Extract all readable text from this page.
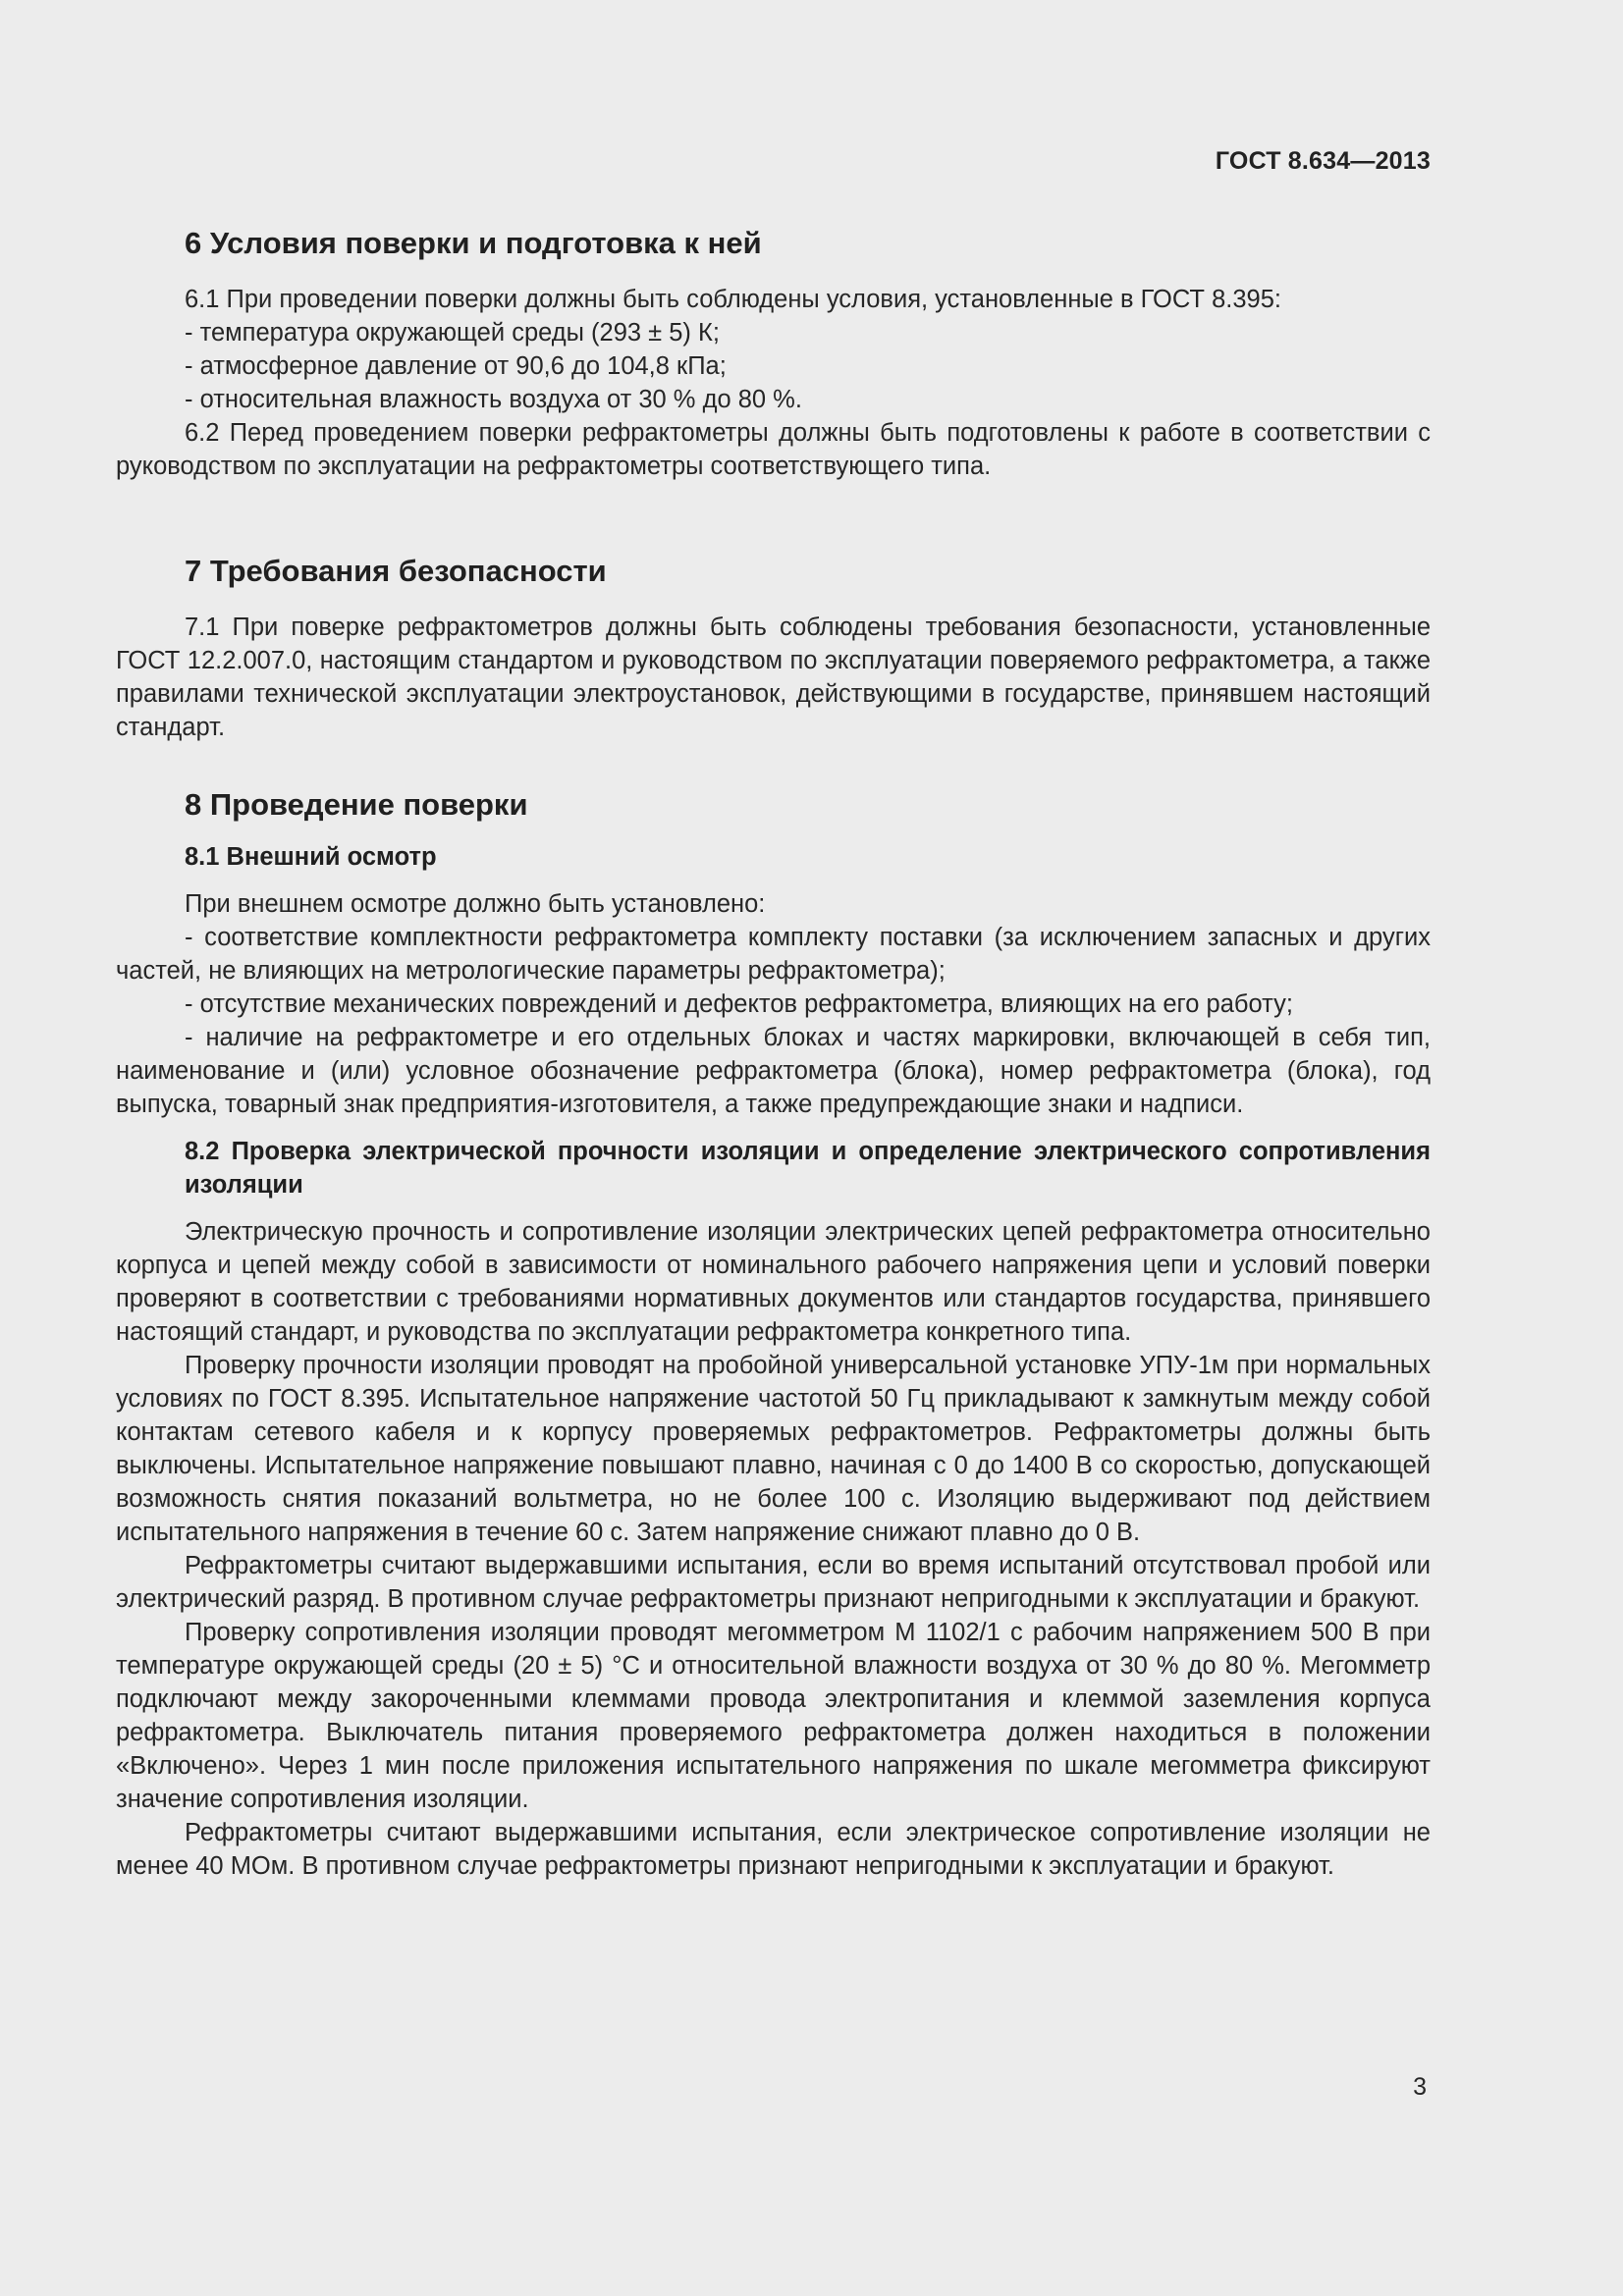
ГОСТ 8.634—2013
6 Условия поверки и подготовка к ней

6.1 При проведении поверки должны быть соблюдены условия, установленные в ГОСТ 8.395:

- температура окружающей среды (293 ± 5) К;

- атмосферное давление от 90,6 до 104,8 кПа;

- относительная влажность воздуха от 30 % до 80 %.

6.2 Перед проведением поверки рефрактометры должны быть подготовлены к работе в соответствии с руководством по эксплуатации на рефрактометры соответствующего типа.

7 Требования безопасности

7.1 При поверке рефрактометров должны быть соблюдены требования безопасности, установленные ГОСТ 12.2.007.0, настоящим стандартом и руководством по эксплуатации поверяемого рефрактометра, а также правилами технической эксплуатации электроустановок, действующими в государстве, принявшем настоящий стандарт.

8 Проведение поверки
8.1 Внешний осмотр

При внешнем осмотре должно быть установлено:

- соответствие комплектности рефрактометра комплекту поставки (за исключением запасных и других частей, не влияющих на метрологические параметры рефрактометра);

- отсутствие механических повреждений и дефектов рефрактометра, влияющих на его работу;

- наличие на рефрактометре и его отдельных блоках и частях маркировки, включающей в себя тип, наименование и (или) условное обозначение рефрактометра (блока), номер рефрактометра (блока), год выпуска, товарный знак предприятия-изготовителя, а также предупреждающие знаки и надписи.

8.2 Проверка электрической прочности изоляции и определение электрического сопротивления изоляции

Электрическую прочность и сопротивление изоляции электрических цепей рефрактометра относительно корпуса и цепей между собой в зависимости от номинального рабочего напряжения цепи и условий поверки проверяют в соответствии с требованиями нормативных документов или стандартов государства, принявшего настоящий стандарт, и руководства по эксплуатации рефрактометра конкретного типа.

Проверку прочности изоляции проводят на пробойной универсальной установке УПУ-1м при нормальных условиях по ГОСТ 8.395. Испытательное напряжение частотой 50 Гц прикладывают к замкнутым между собой контактам сетевого кабеля и к корпусу проверяемых рефрактометров. Рефрактометры должны быть выключены. Испытательное напряжение повышают плавно, начиная с 0 до 1400 В со скоростью, допускающей возможность снятия показаний вольтметра, но не более 100 с. Изоляцию выдерживают под действием испытательного напряжения в течение 60 с. Затем напряжение снижают плавно до 0 В.

Рефрактометры считают выдержавшими испытания, если во время испытаний отсутствовал пробой или электрический разряд. В противном случае рефрактометры признают непригодными к эксплуатации и бракуют.

Проверку сопротивления изоляции проводят мегомметром М 1102/1 с рабочим напряжением 500 В при температуре окружающей среды (20 ± 5) °С и относительной влажности воздуха от 30 % до 80 %. Мегомметр подключают между закороченными клеммами провода электропитания и клеммой заземления корпуса рефрактометра. Выключатель питания проверяемого рефрактометра должен находиться в положении «Включено». Через 1 мин после приложения испытательного напряжения по шкале мегомметра фиксируют значение сопротивления изоляции.

Рефрактометры считают выдержавшими испытания, если электрическое сопротивление изоляции не менее 40 МОм. В противном случае рефрактометры признают непригодными к эксплуатации и бракуют.

3
